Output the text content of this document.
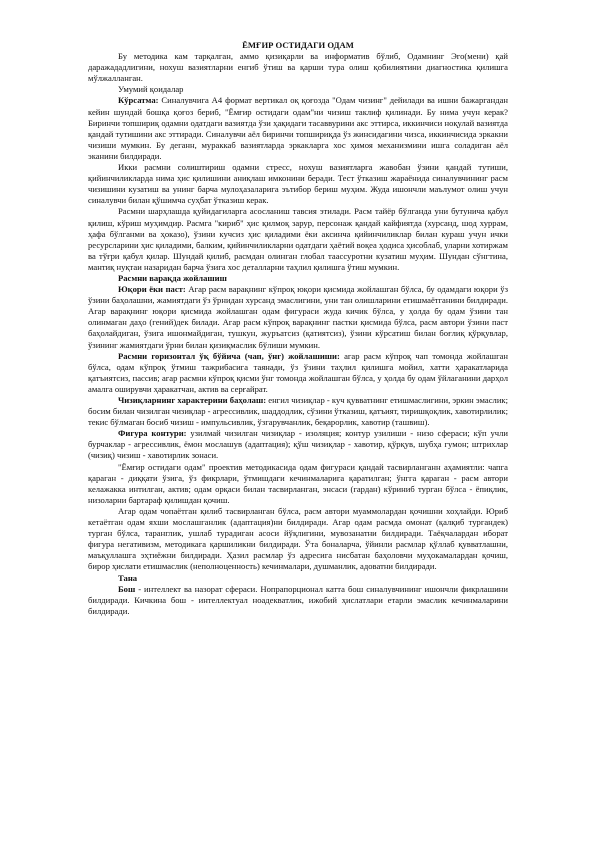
ЁМҒИР ОСТИДАГИ ОДАМ

Бу методика кам тарқалган, аммо қизиқарли ва информатив бўлиб, Одамнинг Эго(мени) қай даражададлигини, нохуш вазиятларни енгиб ўтиш ва қарши тура олиш қобилиятини диагностика қилишга мўлжалланган.

Умумий қоидалар

Кўрсатма: Синалувчига А4 формат вертикал оқ қоғозда "Одам чизинг" дейилади ва ишни бажаргандан кейин шундай бошқа қоғоз бериб, "Ёмғир остидаги одам"ни чизиш таклиф қилинади. Бу нима учун керак? Биринчи топшириқ одамни одатдаги вазиятда ўзи ҳақидаги тасаввурини акс эттирса, иккинчиси ноқулай вазиятда қандай тутишини акс эттиради. Синалувчи аёл биринчи топшириқда ўз жинсидагини чизса, иккинчисида эркакни чизиши мумкин. Бу деганн, мураккаб вазиятларда эркакларга хос ҳимоя механизмини ишга соладиган аёл эканини билдиради.

Икки расмни солиштириш одамни стресс, нохуш вазиятларга жавобан ўзини қандай тутиши, қийинчиликларда нима ҳис қилишини аниқлаш имконини беради. Тест ўтказиш жараёнида синалувчининг расм чизишини кузатиш ва унинг барча мулоҳазаларига эътибор бериш муҳим. Жуда ишончли маълумот олиш учун синалувчи билан қўшимча суҳбат ўтказиш керак.

Расмни шарҳлашда қуйидагиларга асосланиш тавсия этилади. Расм тайёр бўлганда уни бутунича қабул қилиш, кўриш муҳимдир. Расмга "кириб" ҳис қилмоқ зарур, персонаж қандай кайфиятда (хурсанд, шод хуррам, ҳафа бўлганми ва ҳоказо), ўзини кучсиз ҳис қиладими ёки аксинча қийинчиликлар билан кураш учун ички ресурсларини ҳис қиладими, балким, қийинчиликларни одатдаги ҳаётий воқеа ҳодиса ҳисоблаб, уларни хотиржам ва тўғри қабул қилар. Шундай қилиб, расмдан олинган глобал таассуротни кузатиш муҳим. Шундан сўнгтина, мантиқ нуқтаи назаридан барча ўзига хос деталларни таҳлил қилишга ўтиш мумкин.

Расмни варақда жойлашиш

Юқори ёки паст: Агар расм варақнинг кўпроқ юқори қисмида жойлашган бўлса, бу одамдаги юқори ўз ўзини баҳолашни, жамиятдаги ўз ўрнидан хурсанд эмаслигини, уни тан олишларини етишмаётганини билдиради. Агар варақнинг юқори қисмида жойлашган одам фигураси жуда кичик бўлса, у ҳолда бу одам ўзини тан олинмаган даҳо (гений)дек билади. Агар расм кўпроқ варақнинг пастки қисмида бўлса, расм автори ўзини паст баҳолайдиган, ўзига ишонмайдиган, тушкун, журъатсиз (қатиятсиз), ўзини кўрсатиш билан боғлиқ қўрқувлар, ўзининг жамиятдаги ўрни билан қизиқмаслик бўлиши мумкин.

Расмни горизонтал ўқ бўйича (чап, ўнг) жойлашиши: агар расм кўпроқ чап томонда жойлашган бўлса, одам кўпроқ ўтмиш тажрибасига таянади, ўз ўзини таҳлил қилишга мойил, хатти ҳаракатларида қатъиятсиз, пассив; агар расмни кўпроқ қисми ўнг томонда жойлашган бўлса, у ҳолда бу одам ўйлаганини дарҳол амалга оширувчи ҳаракатчан, актив ва серғайрат.

Чизиқларнинг характерини баҳолаш: енгил чизиқлар - куч қувватнинг етишмаслигини, эркин эмаслик; босим билан чизилган чизиқлар - агрессивлик, шаддодлик, сўзини ўтказиш, қатъият, тиришқоқлик, хавотирлилик; текис бўлмаган босиб чизиш - импульсивлик, ўзгарувчанлик, беқарорлик, хавотир (ташвиш).

Фигура контури: узилмай чизилган чизиқлар - изоляция; контур узилиши - низо сфераси; кўп учли бурчаклар - агрессивлик, ёмон мослашув (адаптация); қўш чизиқлар - хавотир, қўрқув, шубҳа гумон; штрихлар (чизиқ) чизиш - хавотирлик зонаси.

"Ёмғир остидаги одам" проектив методикасида одам фигураси қандай тасвирланганн аҳамиятли: чапга қараган - диққати ўзига, ўз фикрлари, ўтмишдаги кечинмаларига қаратилган; ўнгга қараган - расм автори келажакка интилган, актив; одам орқаси билан тасвирланган, энсаси (гардан) кўриниб турган бўлса - ёпиқлик, низоларни бартараф қилишдан қочиш.

Агар одам чопаётган қилиб тасвирланган бўлса, расм автори муаммолардан қочишни хоҳлайди. Юриб кетаётган одам яхши мослашганлик (адаптация)ни билдиради. Агар одам расмда омонат (қалқиб тургандек) турган бўлса, таранглик, ушлаб турадиган асоси йўқлигини, мувозанатни билдиради. Таёқчалардан иборат фигура негативизм, методикага қаршиликни билдиради. Ўта боналарча, ўйинли расмлар қўллаб қувватлашни, маъқуллашга эҳтиёжни билдиради. Ҳазил расмлар ўз адресига нисбатан баҳоловчи муҳокамалардан қочиш, бирор ҳислати етишмаслик (неполноценность) кечинмалари, душманлик, адоватни билдиради.

Тана

Бош - интеллект ва назорат сфераси. Нопрапорционал катта бош синалувчининг ишончли фикрлашини билдиради. Кичкина бош - интеллектуал ноадекватлик, ижобий ҳислатлари етарли эмаслик кечинмаларини билдиради.
